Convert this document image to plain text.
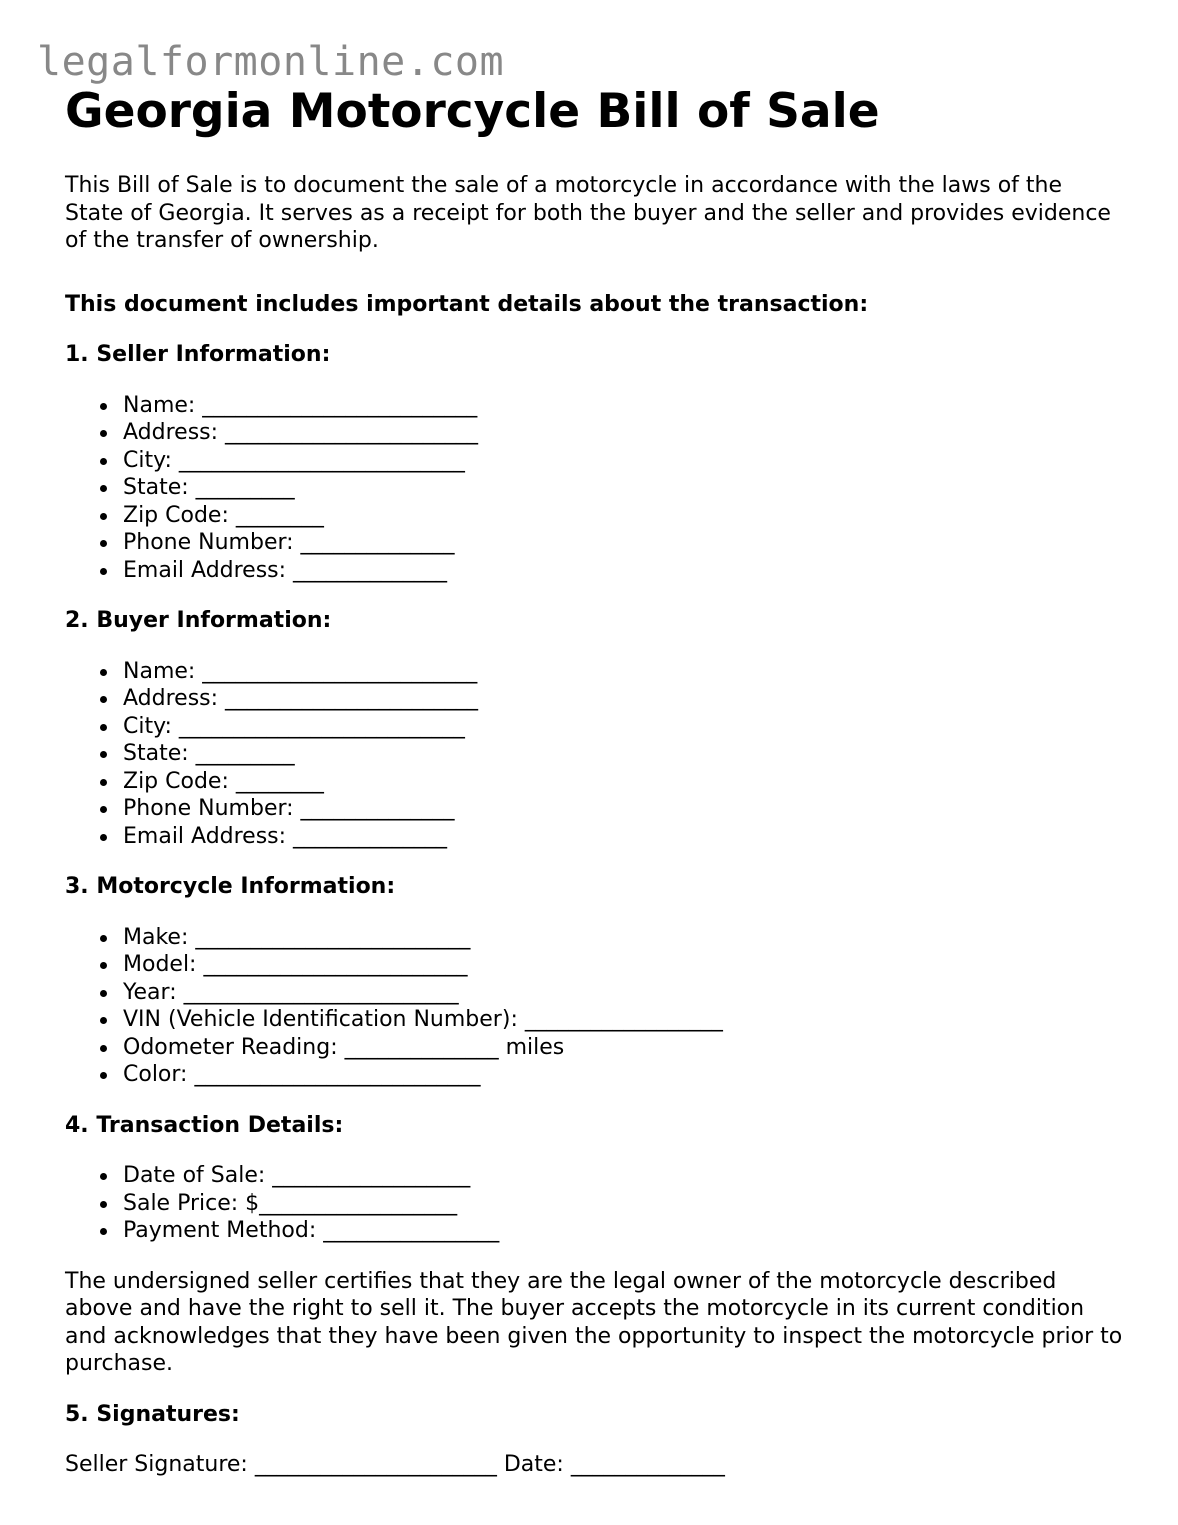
legalformonline.com
Georgia Motorcycle Bill of Sale

This Bill of Sale is to document the sale of a motorcycle in accordance with the laws of the State of Georgia. It serves as a receipt for both the buyer and the seller and provides evidence of the transfer of ownership.

This document includes important details about the transaction:

1. Seller Information:
Name: _________________________
Address: _______________________
City: __________________________
State: _________
Zip Code: ________
Phone Number: ______________
Email Address: ______________
2. Buyer Information:
Name: _________________________
Address: _______________________
City: __________________________
State: _________
Zip Code: ________
Phone Number: ______________
Email Address: ______________
3. Motorcycle Information:
Make: _________________________
Model: ________________________
Year: _________________________
VIN (Vehicle Identification Number): __________________
Odometer Reading: ______________ miles
Color: __________________________
4. Transaction Details:
Date of Sale: __________________
Sale Price: $__________________
Payment Method: ________________

The undersigned seller certifies that they are the legal owner of the motorcycle described above and have the right to sell it. The buyer accepts the motorcycle in its current condition and acknowledges that they have been given the opportunity to inspect the motorcycle prior to purchase.

5. Signatures:

Seller Signature: ______________________ Date: ______________
